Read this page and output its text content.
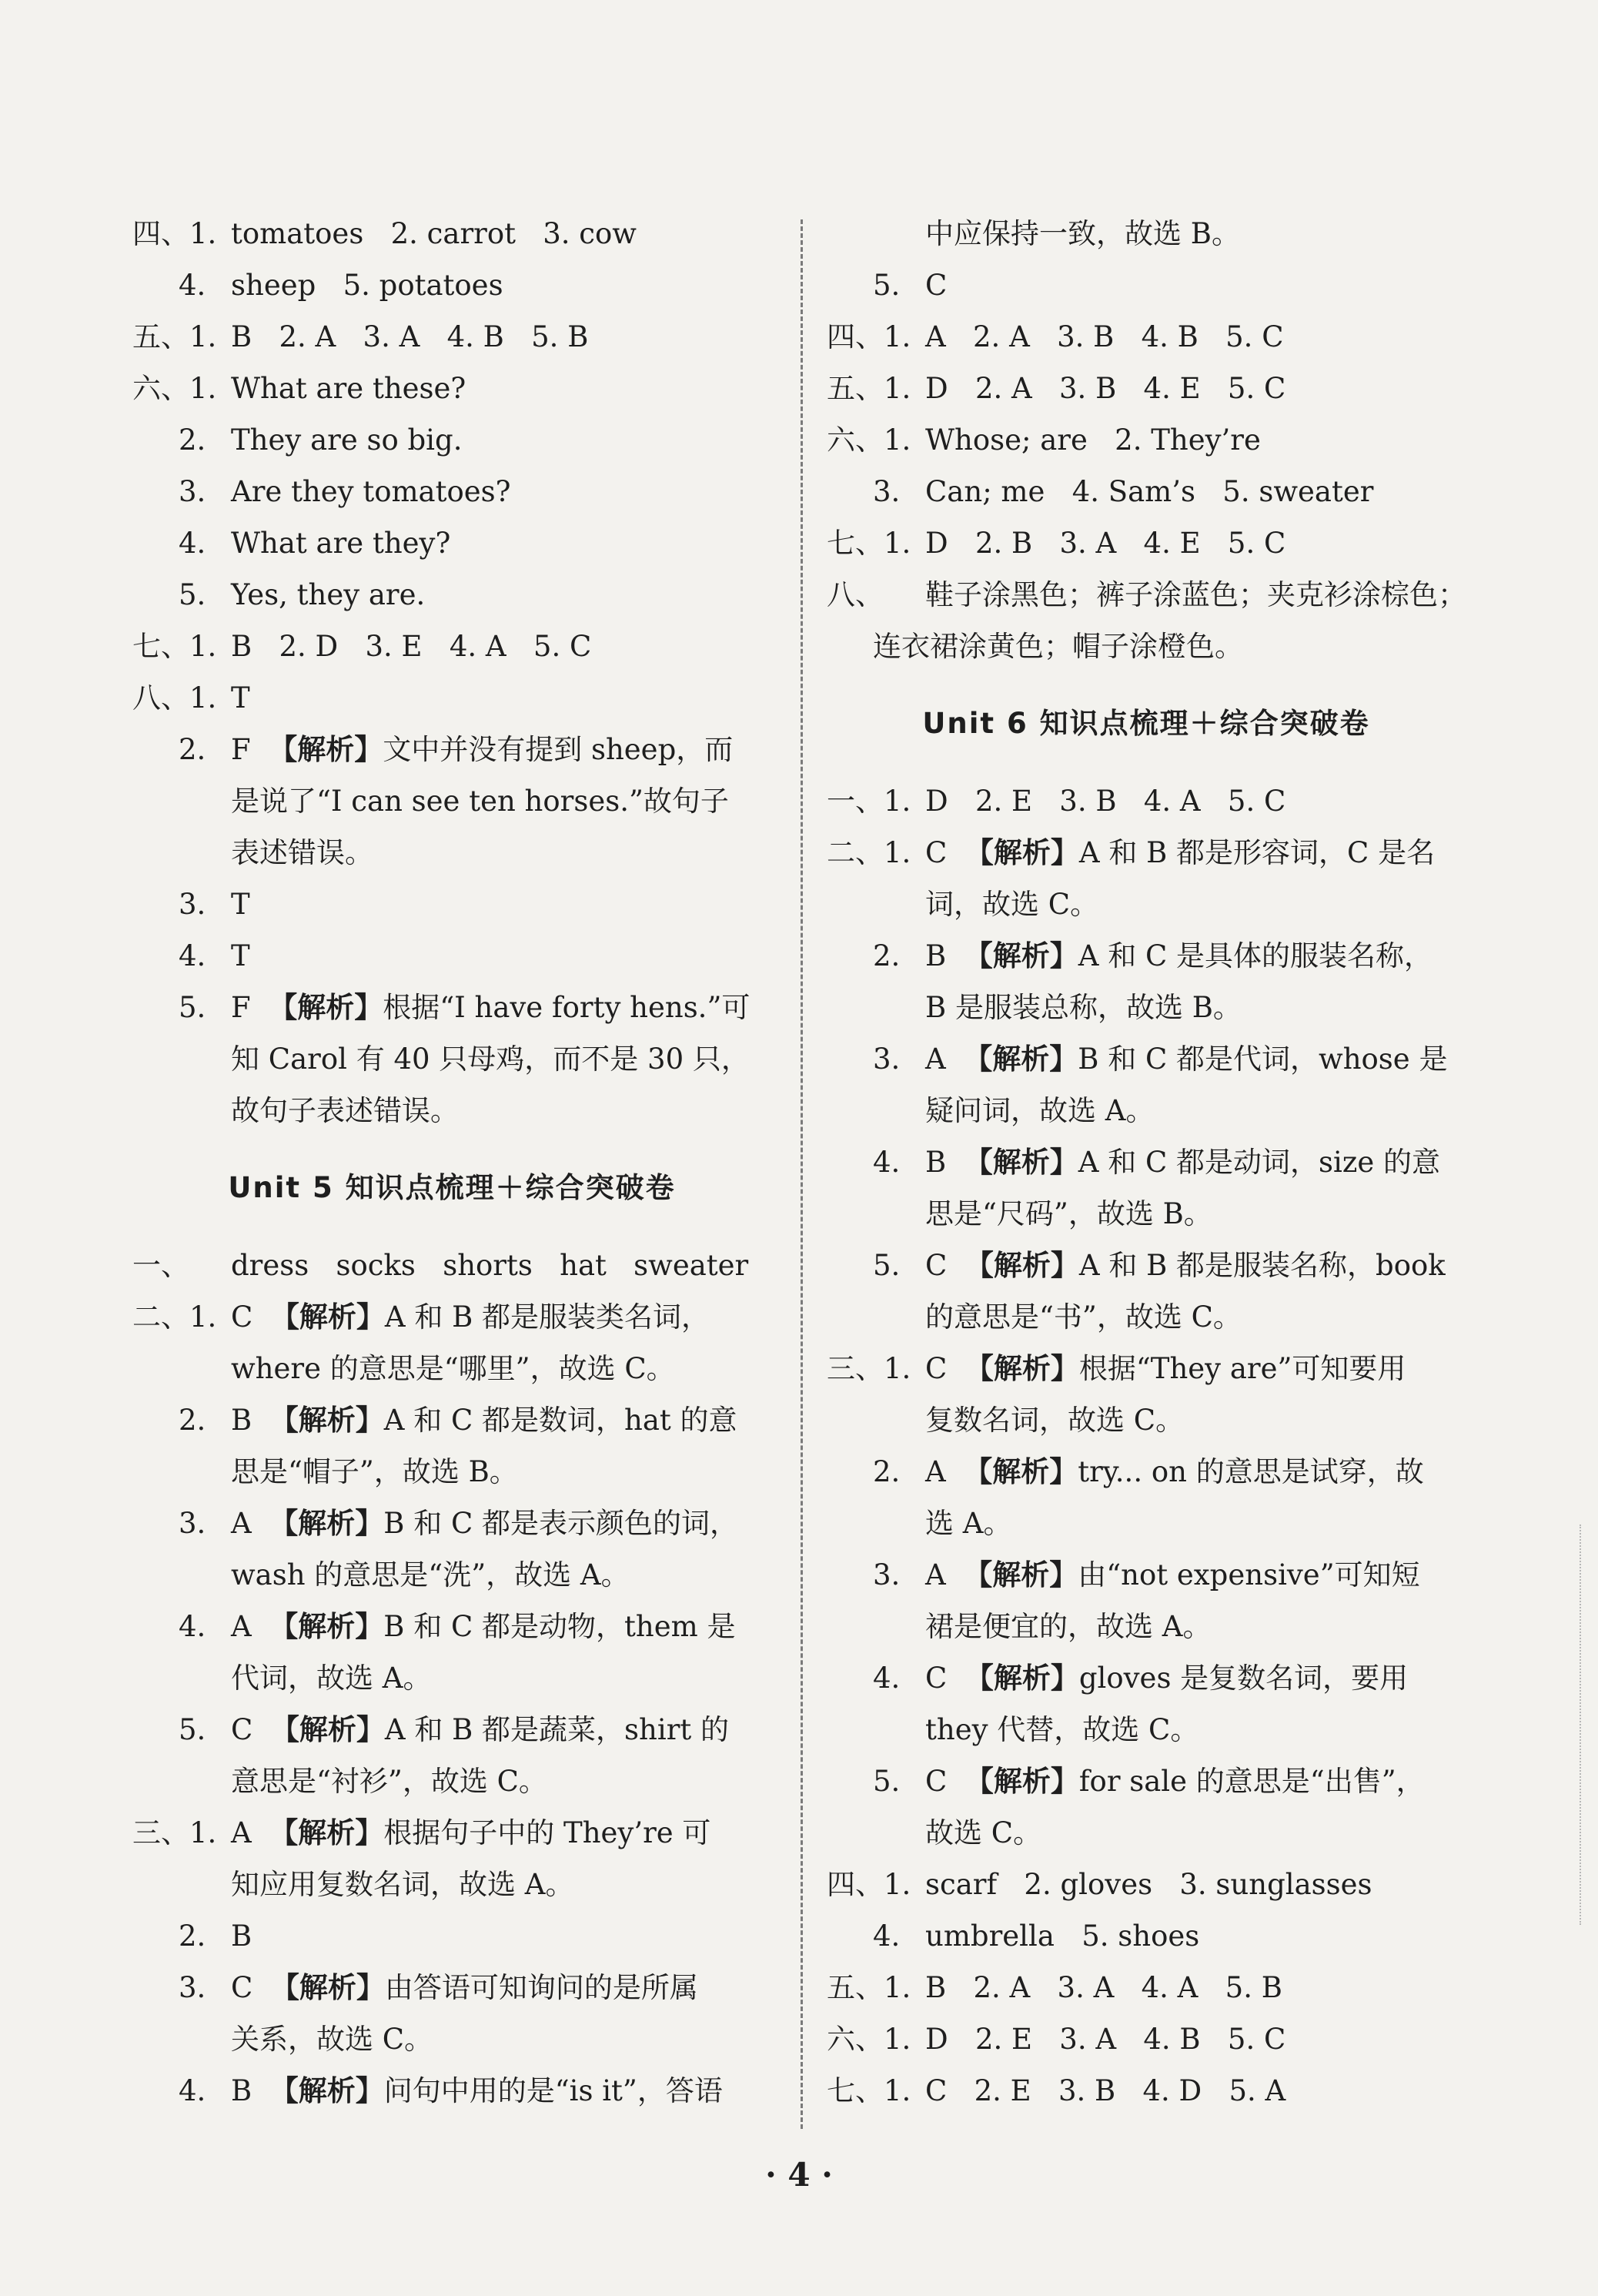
四、1. tomatoes   2. carrot   3. cow
4. sheep   5. potatoes
五、1. B   2. A   3. A   4. B   5. B
六、1. What are these?
2. They are so big.
3. Are they tomatoes?
4. What are they?
5. Yes, they are.
七、1. B   2. D   3. E   4. A   5. C
八、1. T
2. F  【解析】文中并没有提到 sheep，而
是说了“I can see ten horses.”故句子
表述错误。
3. T
4. T
5. F  【解析】根据“I have forty hens.”可
知 Carol 有 40 只母鸡，而不是 30 只，
故句子表述错误。
Unit 5 知识点梳理＋综合突破卷
一、 dress   socks   shorts   hat   sweater
二、1. C  【解析】A 和 B 都是服装类名词，
where 的意思是“哪里”，故选 C。
2. B  【解析】A 和 C 都是数词，hat 的意
思是“帽子”，故选 B。
3. A  【解析】B 和 C 都是表示颜色的词，
wash 的意思是“洗”，故选 A。
4. A  【解析】B 和 C 都是动物，them 是
代词，故选 A。
5. C  【解析】A 和 B 都是蔬菜，shirt 的
意思是“衬衫”，故选 C。
三、1. A  【解析】根据句子中的 They’re 可
知应用复数名词，故选 A。
2. B
3. C  【解析】由答语可知询问的是所属
关系，故选 C。
4. B  【解析】问句中用的是“is it”，答语
中应保持一致，故选 B。
5. C
四、1. A   2. A   3. B   4. B   5. C
五、1. D   2. A   3. B   4. E   5. C
六、1. Whose; are   2. They’re
3. Can; me   4. Sam’s   5. sweater
七、1. D   2. B   3. A   4. E   5. C
八、 鞋子涂黑色；裤子涂蓝色；夹克衫涂棕色；
连衣裙涂黄色；帽子涂橙色。
Unit 6 知识点梳理＋综合突破卷
一、1. D   2. E   3. B   4. A   5. C
二、1. C  【解析】A 和 B 都是形容词，C 是名
词，故选 C。
2. B  【解析】A 和 C 是具体的服装名称，
B 是服装总称，故选 B。
3. A  【解析】B 和 C 都是代词，whose 是
疑问词，故选 A。
4. B  【解析】A 和 C 都是动词，size 的意
思是“尺码”，故选 B。
5. C  【解析】A 和 B 都是服装名称，book
的意思是“书”，故选 C。
三、1. C  【解析】根据“They are”可知要用
复数名词，故选 C。
2. A  【解析】try... on 的意思是试穿，故
选 A。
3. A  【解析】由“not expensive”可知短
裙是便宜的，故选 A。
4. C  【解析】gloves 是复数名词，要用
they 代替，故选 C。
5. C  【解析】for sale 的意思是“出售”，
故选 C。
四、1. scarf   2. gloves   3. sunglasses
4. umbrella   5. shoes
五、1. B   2. A   3. A   4. A   5. B
六、1. D   2. E   3. A   4. B   5. C
七、1. C   2. E   3. B   4. D   5. A
· 4 ·
